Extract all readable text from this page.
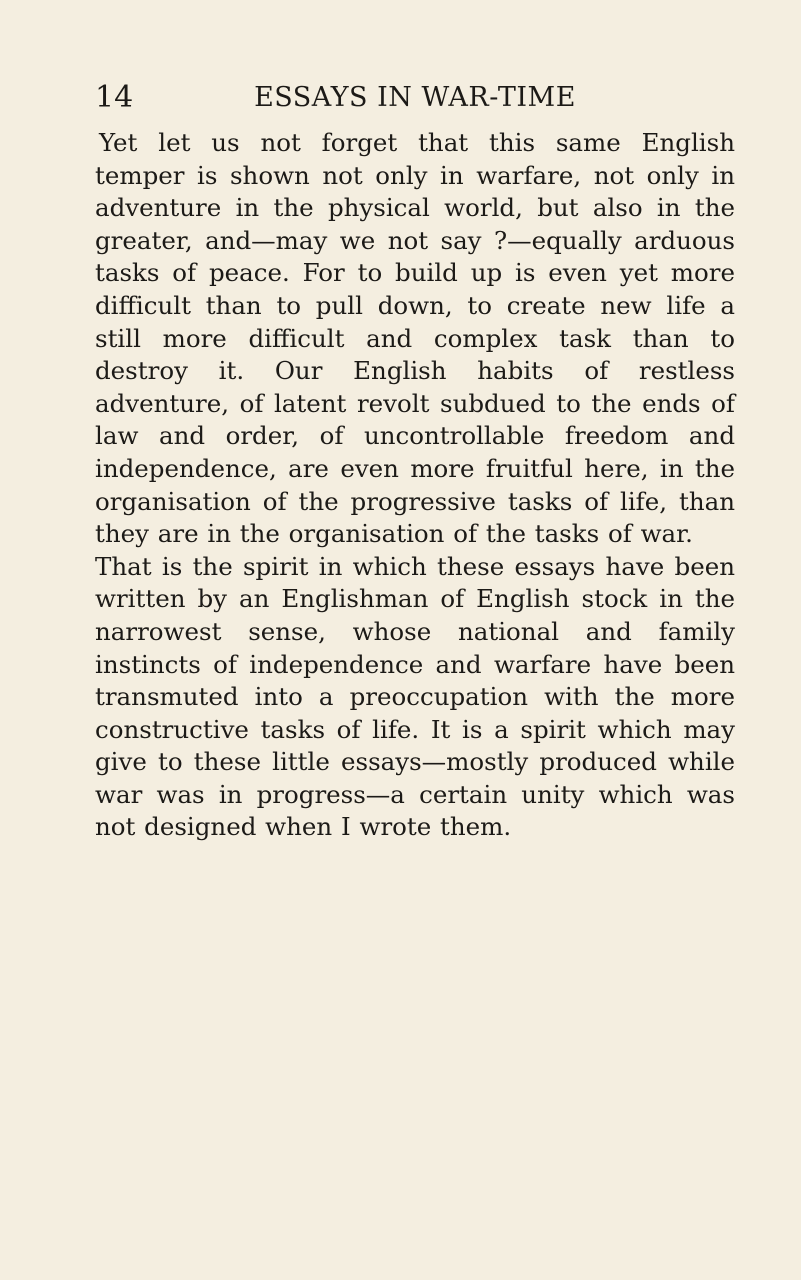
14	ESSAYS IN WAR-TIME

Yet let us not forget that this same English temper is shown not only in warfare, not only in adventure in the physical world, but also in the greater, and—may we not say ?—equally arduous tasks of peace. For to build up is even yet more difficult than to pull down, to create new life a still more difficult and complex task than to destroy it. Our English habits of restless adventure, of latent revolt subdued to the ends of law and order, of uncontrollable freedom and independence, are even more fruitful here, in the organisation of the progressive tasks of life, than they are in the organisation of the tasks of war.

That is the spirit in which these essays have been written by an Englishman of English stock in the narrowest sense, whose national and family instincts of independence and warfare have been transmuted into a preoccupation with the more constructive tasks of life. It is a spirit which may give to these little essays—mostly produced while war was in progress—a certain unity which was not designed when I wrote them.
